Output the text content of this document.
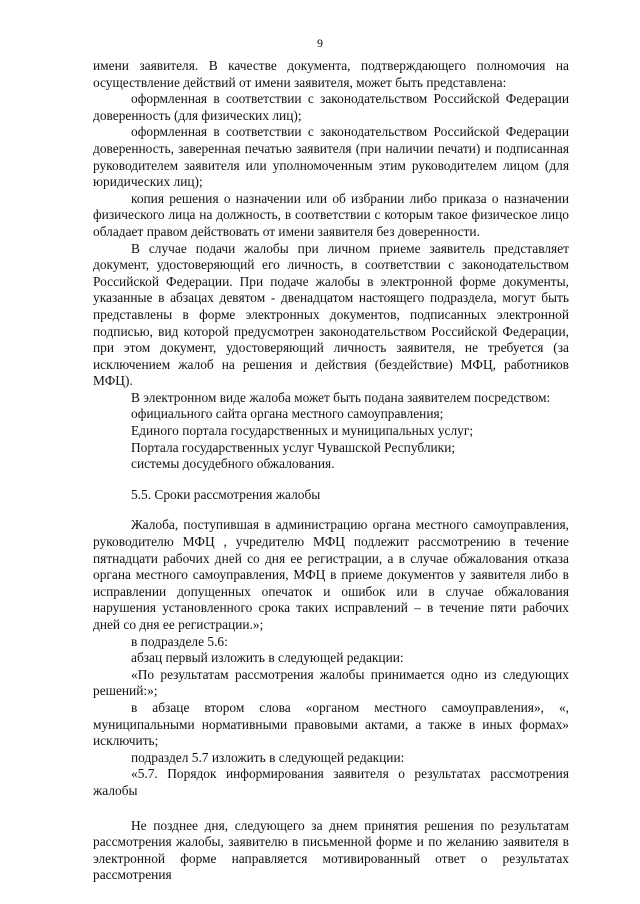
9

имени заявителя. В качестве документа, подтверждающего полномочия на осуществление действий от имени заявителя, может быть представлена:

оформленная в соответствии с законодательством Российской Федерации доверенность (для физических лиц);

оформленная в соответствии с законодательством Российской Федерации доверенность, заверенная печатью заявителя (при наличии печати) и подписанная руководителем заявителя или уполномоченным этим руководителем лицом (для юридических лиц);

копия решения о назначении или об избрании либо приказа о назначении физического лица на должность, в соответствии с которым такое физическое лицо обладает правом действовать от имени заявителя без доверенности.

В случае подачи жалобы при личном приеме заявитель представляет документ, удостоверяющий его личность, в соответствии с законодательством Российской Федерации. При подаче жалобы в электронной форме документы, указанные в абзацах девятом - двенадцатом настоящего подраздела, могут быть представлены в форме электронных документов, подписанных электронной подписью, вид которой предусмотрен законодательством Российской Федерации, при этом документ, удостоверяющий личность заявителя, не требуется (за исключением жалоб на решения и действия (бездействие) МФЦ, работников МФЦ).

В электронном виде жалоба может быть подана заявителем посредством:

официального сайта органа местного самоуправления;

Единого портала государственных и муниципальных услуг;

Портала государственных услуг Чувашской Республики;

системы досудебного обжалования.

5.5. Сроки рассмотрения жалобы

Жалоба, поступившая в администрацию органа местного самоуправления, руководителю МФЦ , учредителю МФЦ подлежит рассмотрению в течение пятнадцати рабочих дней со дня ее регистрации, а в случае обжалования отказа органа местного самоуправления, МФЦ в приеме документов у заявителя либо в исправлении допущенных опечаток и ошибок или в случае обжалования нарушения установленного срока таких исправлений – в течение пяти рабочих дней со дня ее регистрации.»;

в подразделе 5.6:

абзац первый изложить в следующей редакции:

«По результатам рассмотрения жалобы принимается одно из следующих решений:»;

в абзаце втором слова «органом местного самоуправления», «, муниципальными нормативными правовыми актами, а также в иных формах» исключить;

подраздел 5.7 изложить в следующей редакции:

«5.7. Порядок информирования заявителя о результатах рассмотрения жалобы

Не позднее дня, следующего за днем принятия решения по результатам рассмотрения жалобы, заявителю в письменной форме и по желанию заявителя в электронной форме направляется мотивированный ответ о результатах рассмотрения
